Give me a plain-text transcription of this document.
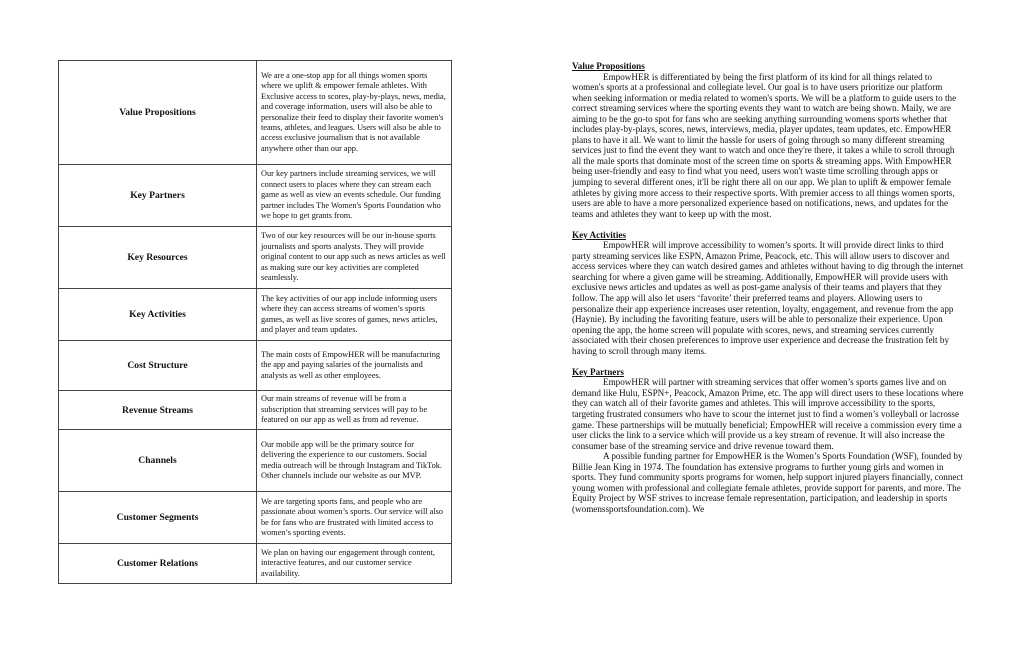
Value Propositions	We are a one-stop app for all things women sports where we uplift & empower female athletes. With Exclusive access to scores, play-by-plays, news, media, and coverage information, users will also be able to personalize their feed to display their favorite women's teams, athletes, and leagues. Users will also be able to access exclusive journalism that is not available anywhere other than our app.
Key Partners	Our key partners include streaming services, we will connect users to places where they can stream each game as well as view an events schedule. Our funding partner includes The Women's Sports Foundation who we hope to get grants from.
Key Resources	Two of our key resources will be our in-house sports journalists and sports analysts. They will provide original content to our app such as news articles as well as making sure our key activities are completed seamlessly.
Key Activities	The key activities of our app include informing users where they can access streams of women’s sports games, as well as live scores of games, news articles, and player and team updates.
Cost Structure	The main costs of EmpowHER will be manufacturing the app and paying salaries of the journalists and analysts as well as other employees.
Revenue Streams	Our main streams of revenue will be from a subscription that streaming services will pay to be featured on our app as well as from ad revenue.
Channels	Our mobile app will be the primary source for delivering the experience to our customers. Social media outreach will be through Instagram and TikTok. Other channels include our website as our MVP.
Customer Segments	We are targeting sports fans, and people who are passionate about women’s sports. Our service will also be for fans who are frustrated with limited access to women’s sporting events.
Customer Relations	We plan on having our engagement through content, interactive features, and our customer service availability.

Value Propositions

EmpowHER is differentiated by being the first platform of its kind for all things related to women's sports at a professional and collegiate level. Our goal is to have users prioritize our platform when seeking information or media related to women's sports. We will be a platform to guide users to the correct streaming services where the sporting events they want to watch are being shown. Maily, we are aiming to be the go-to spot for fans who are seeking anything surrounding womens sports whether that includes play-by-plays, scores, news, interviews, media, player updates, team updates, etc. EmpowHER plans to have it all. We want to limit the hassle for users of going through so many different streaming services just to find the event they want to watch and once they're there, it takes a while to scroll through all the male sports that dominate most of the screen time on sports & streaming apps. With EmpowHER being user-friendly and easy to find what you need, users won't waste time scrolling through apps or jumping to several different ones, it'll be right there all on our app. We plan to uplift & empower female athletes by giving more access to their respective sports. With premier access to all things women sports, users are able to have a more personalized experience based on notifications, news, and updates for the teams and athletes they want to keep up with the most.

Key Activities

EmpowHER will improve accessibility to women’s sports. It will provide direct links to third party streaming services like ESPN, Amazon Prime, Peacock, etc. This will allow users to discover and access services where they can watch desired games and athletes without having to dig through the internet searching for where a given game will be streaming. Additionally, EmpowHER will provide users with exclusive news articles and updates as well as post-game analysis of their teams and players that they follow. The app will also let users ‘favorite’ their preferred teams and players. Allowing users to personalize their app experience increases user retention, loyalty, engagement, and revenue from the app (Haynie). By including the favoriting feature, users will be able to personalize their experience. Upon opening the app, the home screen will populate with scores, news, and streaming services currently associated with their chosen preferences to improve user experience and decrease the frustration felt by having to scroll through many items.

Key Partners

EmpowHER will partner with streaming services that offer women’s sports games live and on demand like Hulu, ESPN+, Peacock, Amazon Prime, etc. The app will direct users to these locations where they can watch all of their favorite games and athletes. This will improve accessibility to the sports, targeting frustrated consumers who have to scour the internet just to find a women’s volleyball or lacrosse game. These partnerships will be mutually beneficial; EmpowHER will receive a commission every time a user clicks the link to a service which will provide us a key stream of revenue. It will also increase the consumer base of the streaming service and drive revenue toward them.

A possible funding partner for EmpowHER is the Women’s Sports Foundation (WSF), founded by Billie Jean King in 1974. The foundation has extensive programs to further young girls and women in sports. They fund community sports programs for women, help support injured players financially, connect young women with professional and collegiate female athletes, provide support for parents, and more. The Equity Project by WSF strives to increase female representation, participation, and leadership in sports (womenssportsfoundation.com). We
